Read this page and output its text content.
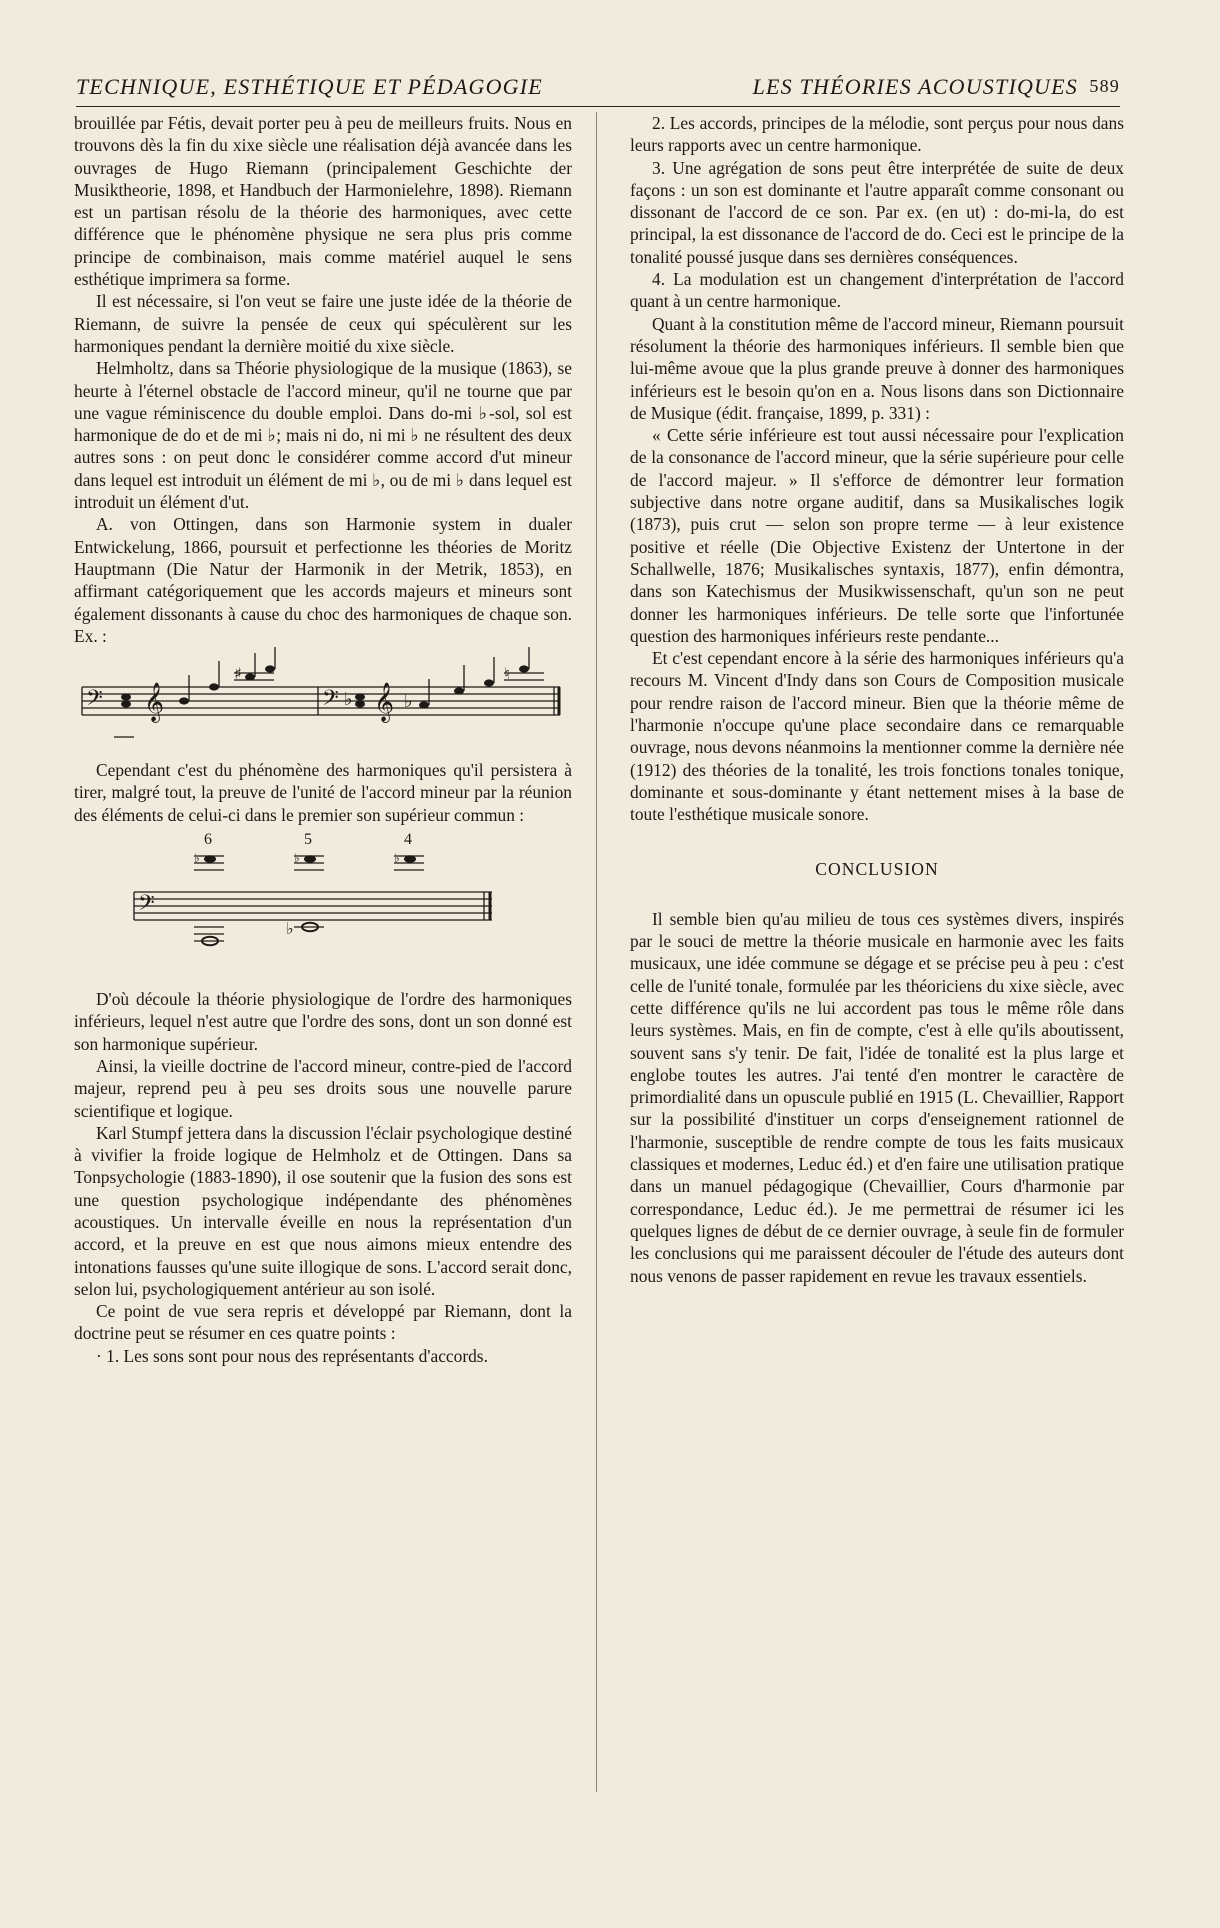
TECHNIQUE, ESTHÉTIQUE ET PÉDAGOGIE	LES THÉORIES ACOUSTIQUES 589

brouillée par Fétis, devait porter peu à peu de meilleurs fruits. Nous en trouvons dès la fin du xixe siècle une réalisation déjà avancée dans les ouvrages de Hugo Riemann (principalement Geschichte der Musiktheorie, 1898, et Handbuch der Harmonielehre, 1898). Riemann est un partisan résolu de la théorie des harmoniques, avec cette différence que le phénomène physique ne sera plus pris comme principe de combinaison, mais comme matériel auquel le sens esthétique imprimera sa forme.

Il est nécessaire, si l'on veut se faire une juste idée de la théorie de Riemann, de suivre la pensée de ceux qui spéculèrent sur les harmoniques pendant la dernière moitié du xixe siècle.

Helmholtz, dans sa Théorie physiologique de la musique (1863), se heurte à l'éternel obstacle de l'accord mineur, qu'il ne tourne que par une vague réminiscence du double emploi. Dans do-mi ♭-sol, sol est harmonique de do et de mi ♭; mais ni do, ni mi ♭ ne résultent des deux autres sons : on peut donc le considérer comme accord d'ut mineur dans lequel est introduit un élément de mi ♭, ou de mi ♭ dans lequel est introduit un élément d'ut.

A. von Ottingen, dans son Harmonie system in dualer Entwickelung, 1866, poursuit et perfectionne les théories de Moritz Hauptmann (Die Natur der Harmonik in der Metrik, 1853), en affirmant catégoriquement que les accords majeurs et mineurs sont également dissonants à cause du choc des harmoniques de chaque son. Ex. :

𝄢 𝄞	𝄢 𝄞
♭	♭
♯	♮

Cependant c'est du phénomène des harmoniques qu'il persistera à tirer, malgré tout, la preuve de l'unité de l'accord mineur par la réunion des éléments de celui-ci dans le premier son supérieur commun :

6	5	4
𝄢
♭	♭	♭
♭

D'où découle la théorie physiologique de l'ordre des harmoniques inférieurs, lequel n'est autre que l'ordre des sons, dont un son donné est son harmonique supérieur.

Ainsi, la vieille doctrine de l'accord mineur, contre-pied de l'accord majeur, reprend peu à peu ses droits sous une nouvelle parure scientifique et logique.

Karl Stumpf jettera dans la discussion l'éclair psychologique destiné à vivifier la froide logique de Helmholz et de Ottingen. Dans sa Tonpsychologie (1883-1890), il ose soutenir que la fusion des sons est une question psychologique indépendante des phénomènes acoustiques. Un intervalle éveille en nous la représentation d'un accord, et la preuve en est que nous aimons mieux entendre des intonations fausses qu'une suite illogique de sons. L'accord serait donc, selon lui, psychologiquement antérieur au son isolé.

Ce point de vue sera repris et développé par Riemann, dont la doctrine peut se résumer en ces quatre points :

· 1. Les sons sont pour nous des représentants d'accords.

2. Les accords, principes de la mélodie, sont perçus pour nous dans leurs rapports avec un centre harmonique.

3. Une agrégation de sons peut être interprétée de suite de deux façons : un son est dominante et l'autre apparaît comme consonant ou dissonant de l'accord de ce son. Par ex. (en ut) : do-mi-la, do est principal, la est dissonance de l'accord de do. Ceci est le principe de la tonalité poussé jusque dans ses dernières conséquences.

4. La modulation est un changement d'interprétation de l'accord quant à un centre harmonique.

Quant à la constitution même de l'accord mineur, Riemann poursuit résolument la théorie des harmoniques inférieurs. Il semble bien que lui-même avoue que la plus grande preuve à donner des harmoniques inférieurs est le besoin qu'on en a. Nous lisons dans son Dictionnaire de Musique (édit. française, 1899, p. 331) :

« Cette série inférieure est tout aussi nécessaire pour l'explication de la consonance de l'accord mineur, que la série supérieure pour celle de l'accord majeur. » Il s'efforce de démontrer leur formation subjective dans notre organe auditif, dans sa Musikalisches logik (1873), puis crut — selon son propre terme — à leur existence positive et réelle (Die Objective Existenz der Untertone in der Schallwelle, 1876; Musikalisches syntaxis, 1877), enfin démontra, dans son Katechismus der Musikwissenschaft, qu'un son ne peut donner les harmoniques inférieurs. De telle sorte que l'infortunée question des harmoniques inférieurs reste pendante...

Et c'est cependant encore à la série des harmoniques inférieurs qu'a recours M. Vincent d'Indy dans son Cours de Composition musicale pour rendre raison de l'accord mineur. Bien que la théorie même de l'harmonie n'occupe qu'une place secondaire dans ce remarquable ouvrage, nous devons néanmoins la mentionner comme la dernière née (1912) des théories de la tonalité, les trois fonctions tonales tonique, dominante et sous-dominante y étant nettement mises à la base de toute l'esthétique musicale sonore.

CONCLUSION

Il semble bien qu'au milieu de tous ces systèmes divers, inspirés par le souci de mettre la théorie musicale en harmonie avec les faits musicaux, une idée commune se dégage et se précise peu à peu : c'est celle de l'unité tonale, formulée par les théoriciens du xixe siècle, avec cette différence qu'ils ne lui accordent pas tous le même rôle dans leurs systèmes. Mais, en fin de compte, c'est à elle qu'ils aboutissent, souvent sans s'y tenir. De fait, l'idée de tonalité est la plus large et englobe toutes les autres. J'ai tenté d'en montrer le caractère de primordialité dans un opuscule publié en 1915 (L. Chevaillier, Rapport sur la possibilité d'instituer un corps d'enseignement rationnel de l'harmonie, susceptible de rendre compte de tous les faits musicaux classiques et modernes, Leduc éd.) et d'en faire une utilisation pratique dans un manuel pédagogique (Chevaillier, Cours d'harmonie par correspondance, Leduc éd.). Je me permettrai de résumer ici les quelques lignes de début de ce dernier ouvrage, à seule fin de formuler les conclusions qui me paraissent découler de l'étude des auteurs dont nous venons de passer rapidement en revue les travaux essentiels.
